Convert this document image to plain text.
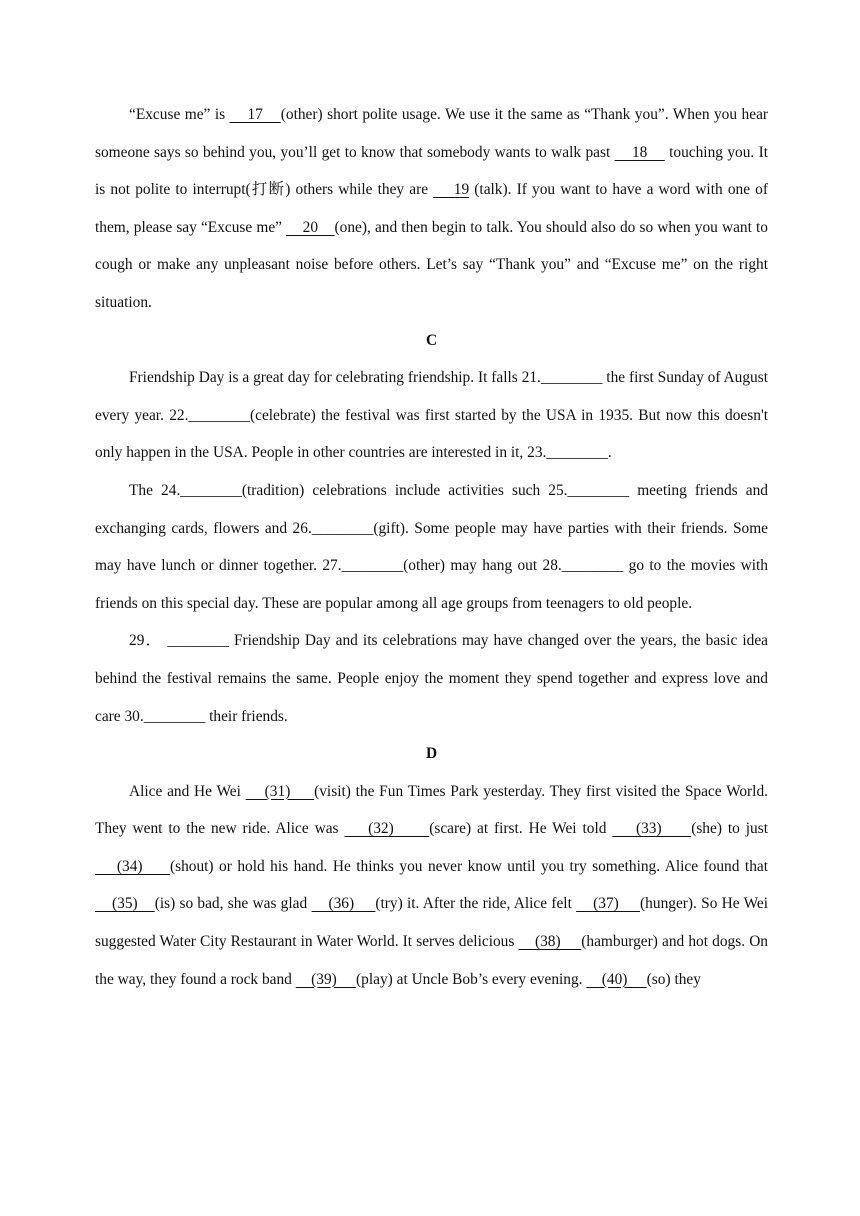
“Excuse me” is     17    (other) short polite usage. We use it the same as “Thank you”. When you hear someone says so behind you, you’ll get to know that somebody wants to walk past     18     touching you. It is not polite to interrupt(打断) others while they are     19 (talk). If you want to have a word with one of them, please say “Excuse me”     20    (one), and then begin to talk. You should also do so when you want to cough or make any unpleasant noise before others. Let’s say “Thank you” and “Excuse me” on the right situation.

C

Friendship Day is a great day for celebrating friendship. It falls 21.________ the first Sunday of August every year. 22.________(celebrate) the festival was first started by the USA in 1935. But now this doesn't only happen in the USA. People in other countries are interested in it, 23.________.

The 24.________(tradition) celebrations include activities such 25.________ meeting friends and exchanging cards, flowers and 26.________(gift). Some people may have parties with their friends. Some may have lunch or dinner together. 27.________(other) may hang out 28.________ go to the movies with friends on this special day. These are popular among all age groups from teenagers to old people.

29． ________ Friendship Day and its celebrations may have changed over the years, the basic idea behind the festival remains the same. People enjoy the moment they spend together and express love and care 30.________ their friends.

D

Alice and He Wei     (31)     (visit) the Fun Times Park yesterday. They first visited the Space World. They went to the new ride. Alice was     (32)      (scare) at first. He Wei told     (33)     (she) to just     (34)     (shout) or hold his hand. He thinks you never know until you try something. Alice found that     (35)    (is) so bad, she was glad     (36)     (try) it. After the ride, Alice felt     (37)     (hunger). So He Wei suggested Water City Restaurant in Water World. It serves delicious     (38)     (hamburger) and hot dogs. On the way, they found a rock band     (39)     (play) at Uncle Bob’s every evening.     (40)     (so) they
